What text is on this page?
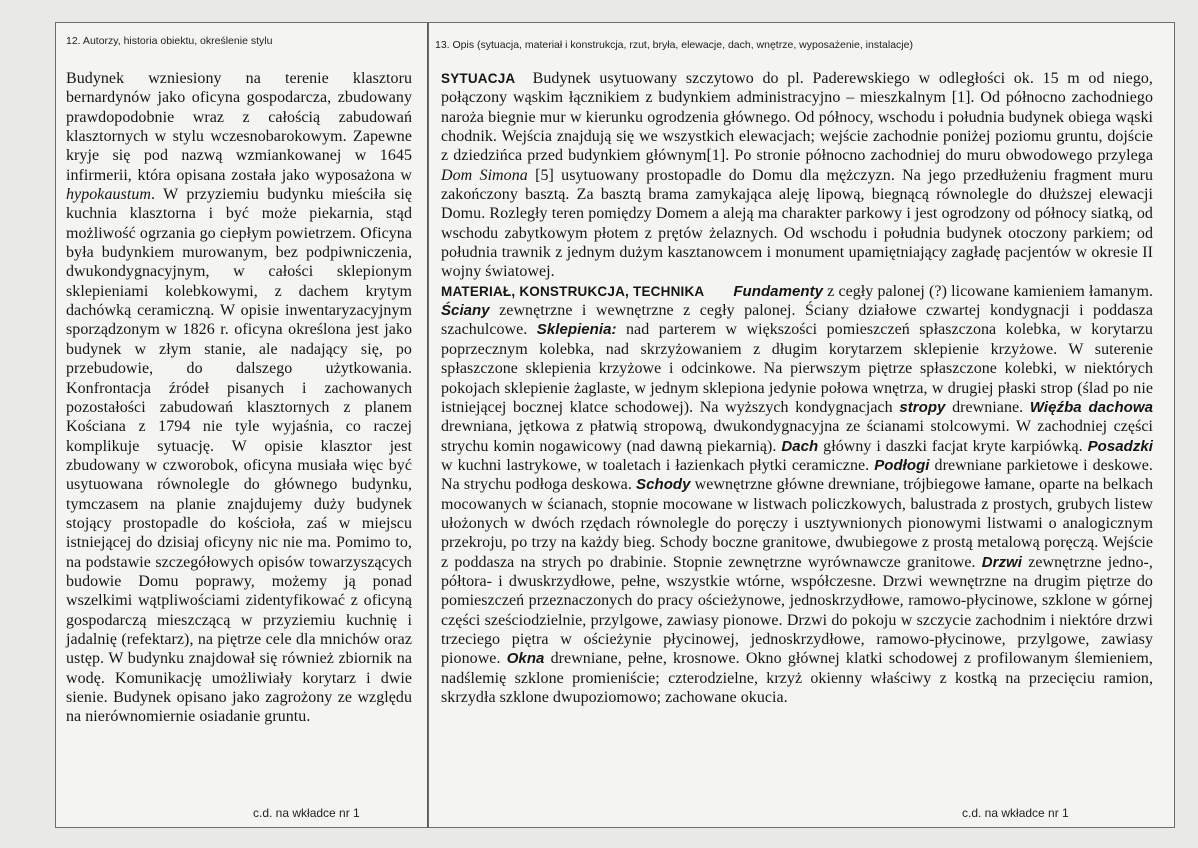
12. Autorzy, historia obiektu, określenie stylu	13. Opis (sytuacja, materiał i konstrukcja, rzut, bryła, elewacje, dach, wnętrze, wyposażenie, instalacje)

Budynek wzniesiony na terenie klasztoru bernardynów jako oficyna gospodarcza, zbudowany prawdopodobnie wraz z całością zabudowań klasztornych w stylu wczesnobarokowym. Zapewne kryje się pod nazwą wzmiankowanej w 1645 infirmerii, która opisana została jako wyposażona w hypokaustum. W przyziemiu budynku mieściła się kuchnia klasztorna i być może piekarnia, stąd możliwość ogrzania go ciepłym powietrzem. Oficyna była budynkiem murowanym, bez podpiwniczenia, dwukondygnacyjnym, w całości sklepionym sklepieniami kolebkowymi, z dachem krytym dachówką ceramiczną. W opisie inwentaryzacyjnym sporządzonym w 1826 r. oficyna określona jest jako budynek w złym stanie, ale nadający się, po przebudowie, do dalszego użytkowania. Konfrontacja źródeł pisanych i zachowanych pozostałości zabudowań klasztornych z planem Kościana z 1794 nie tyle wyjaśnia, co raczej komplikuje sytuację. W opisie klasztor jest zbudowany w czworobok, oficyna musiała więc być usytuowana równolegle do głównego budynku, tymczasem na planie znajdujemy duży budynek stojący prostopadle do kościoła, zaś w miejscu istniejącej do dzisiaj oficyny nic nie ma. Pomimo to, na podstawie szczegółowych opisów towarzyszących budowie Domu poprawy, możemy ją ponad wszelkimi wątpliwościami zidentyfikować z oficyną gospodarczą mieszczącą w przyziemiu kuchnię i jadalnię (refektarz), na piętrze cele dla mnichów oraz ustęp. W budynku znajdował się również zbiornik na wodę. Komunikację umożliwiały korytarz i dwie sienie. Budynek opisano jako zagrożony ze względu na nierównomiernie osiadanie gruntu.

SYTUACJA Budynek usytuowany szczytowo do pl. Paderewskiego w odległości ok. 15 m od niego, połączony wąskim łącznikiem z budynkiem administracyjno – mieszkalnym [1]. Od północno zachodniego naroża biegnie mur w kierunku ogrodzenia głównego. Od północy, wschodu i południa budynek obiega wąski chodnik. Wejścia znajdują się we wszystkich elewacjach; wejście zachodnie poniżej poziomu gruntu, dojście z dziedzińca przed budynkiem głównym[1]. Po stronie północno zachodniej do muru obwodowego przylega Dom Simona [5] usytuowany prostopadle do Domu dla mężczyzn. Na jego przedłużeniu fragment muru zakończony basztą. Za basztą brama zamykająca aleję lipową, biegnącą równolegle do dłuższej elewacji Domu. Rozległy teren pomiędzy Domem a aleją ma charakter parkowy i jest ogrodzony od północy siatką, od wschodu zabytkowym płotem z prętów żelaznych. Od wschodu i południa budynek otoczony parkiem; od południa trawnik z jednym dużym kasztanowcem i monument upamiętniający zagładę pacjentów w okresie II wojny światowej.

MATERIAŁ, KONSTRUKCJA, TECHNIKA Fundamenty z cegły palonej (?) licowane kamieniem łamanym. Ściany zewnętrzne i wewnętrzne z cegły palonej. Ściany działowe czwartej kondygnacji i poddasza szachulcowe. Sklepienia: nad parterem w większości pomieszczeń spłaszczona kolebka, w korytarzu poprzecznym kolebka, nad skrzyżowaniem z długim korytarzem sklepienie krzyżowe. W suterenie spłaszczone sklepienia krzyżowe i odcinkowe. Na pierwszym piętrze spłaszczone kolebki, w niektórych pokojach sklepienie żaglaste, w jednym sklepiona jedynie połowa wnętrza, w drugiej płaski strop (ślad po nie istniejącej bocznej klatce schodowej). Na wyższych kondygnacjach stropy drewniane. Więźba dachowa drewniana, jętkowa z płatwią stropową, dwukondygnacyjna ze ścianami stolcowymi. W zachodniej części strychu komin nogawicowy (nad dawną piekarnią). Dach główny i daszki facjat kryte karpiówką. Posadzki w kuchni lastrykowe, w toaletach i łazienkach płytki ceramiczne. Podłogi drewniane parkietowe i deskowe. Na strychu podłoga deskowa. Schody wewnętrzne główne drewniane, trójbiegowe łamane, oparte na belkach mocowanych w ścianach, stopnie mocowane w listwach policzkowych, balustrada z prostych, grubych listew ułożonych w dwóch rzędach równolegle do poręczy i usztywnionych pionowymi listwami o analogicznym przekroju, po trzy na każdy bieg. Schody boczne granitowe, dwubiegowe z prostą metalową poręczą. Wejście z poddasza na strych po drabinie. Stopnie zewnętrzne wyrównawcze granitowe. Drzwi zewnętrzne jedno-, półtora- i dwuskrzydłowe, pełne, wszystkie wtórne, współczesne. Drzwi wewnętrzne na drugim piętrze do pomieszczeń przeznaczonych do pracy ościeżynowe, jednoskrzydłowe, ramowo-płycinowe, szklone w górnej części sześciodzielnie, przylgowe, zawiasy pionowe. Drzwi do pokoju w szczycie zachodnim i niektóre drzwi trzeciego piętra w ościeżynie płycinowej, jednoskrzydłowe, ramowo-płycinowe, przylgowe, zawiasy pionowe. Okna drewniane, pełne, krosnowe. Okno głównej klatki schodowej z profilowanym ślemieniem, nadślemię szklone promieniście; czterodzielne, krzyż okienny właściwy z kostką na przecięciu ramion, skrzydła szklone dwupoziomowo; zachowane okucia.

c.d. na wkładce nr 1	c.d. na wkładce nr 1
